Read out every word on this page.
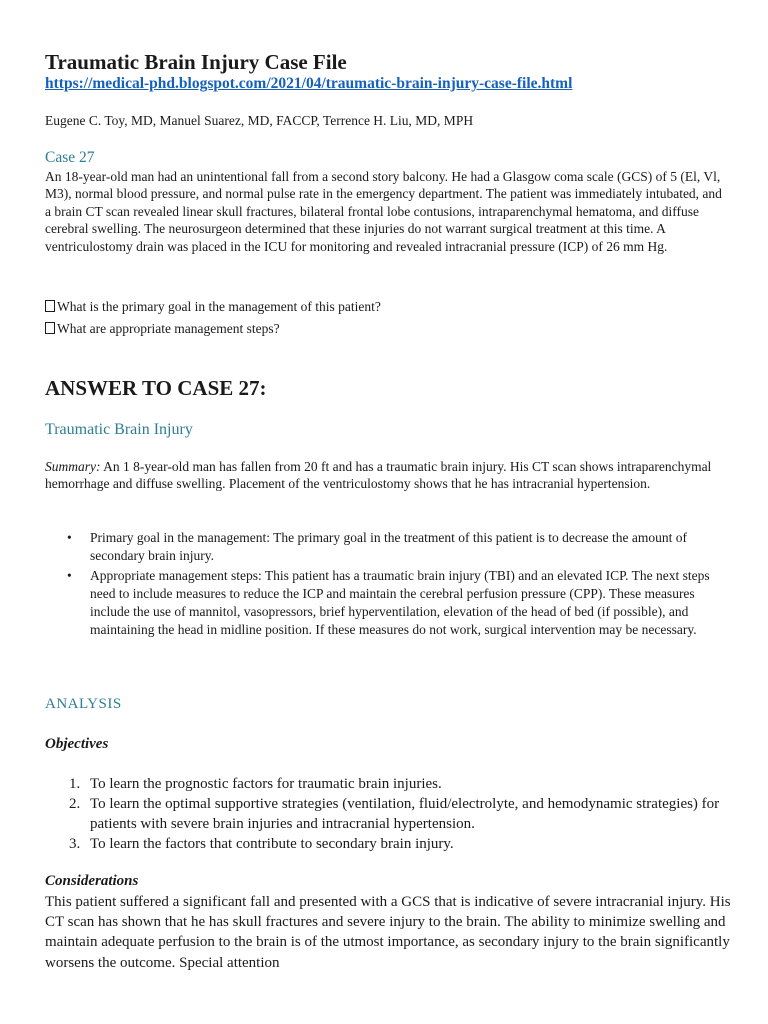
Traumatic Brain Injury Case File
https://medical-phd.blogspot.com/2021/04/traumatic-brain-injury-case-file.html
Eugene C. Toy, MD, Manuel Suarez, MD, FACCP, Terrence H. Liu, MD, MPH
Case 27
An 18-year-old man had an unintentional fall from a second story balcony. He had a Glasgow coma scale (GCS) of 5 (El, Vl, M3), normal blood pressure, and normal pulse rate in the emergency department. The patient was immediately intubated, and a brain CT scan revealed linear skull fractures, bilateral frontal lobe contusions, intraparenchymal hematoma, and diffuse cerebral swelling. The neurosurgeon determined that these injuries do not warrant surgical treatment at this time. A ventriculostomy drain was placed in the ICU for monitoring and revealed intracranial pressure (ICP) of 26 mm Hg.
What is the primary goal in the management of this patient?
What are appropriate management steps?
ANSWER TO CASE 27:
Traumatic Brain Injury
Summary: An 1 8-year-old man has fallen from 20 ft and has a traumatic brain injury. His CT scan shows intraparenchymal hemorrhage and diffuse swelling. Placement of the ventriculostomy shows that he has intracranial hypertension.
• Primary goal in the management: The primary goal in the treatment of this patient is to decrease the amount of secondary brain injury.
• Appropriate management steps: This patient has a traumatic brain injury (TBI) and an elevated ICP. The next steps need to include measures to reduce the ICP and maintain the cerebral perfusion pressure (CPP). These measures include the use of mannitol, vasopressors, brief hyperventilation, elevation of the head of bed (if possible), and maintaining the head in midline position. If these measures do not work, surgical intervention may be necessary.
ANALYSIS
Objectives
1. To learn the prognostic factors for traumatic brain injuries.
2. To learn the optimal supportive strategies (ventilation, fluid/electrolyte, and hemodynamic strategies) for patients with severe brain injuries and intracranial hypertension.
3. To learn the factors that contribute to secondary brain injury.
Considerations
This patient suffered a significant fall and presented with a GCS that is indicative of severe intracranial injury. His CT scan has shown that he has skull fractures and severe injury to the brain. The ability to minimize swelling and maintain adequate perfusion to the brain is of the utmost importance, as secondary injury to the brain significantly worsens the outcome. Special attention
